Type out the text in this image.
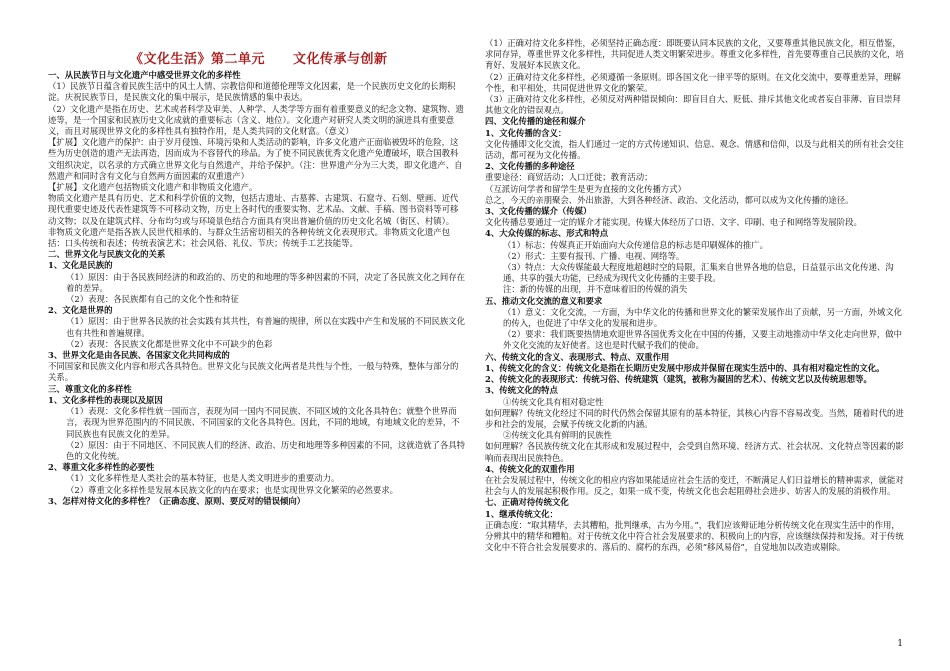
《文化生活》第二单元 文化传承与创新

一、从民族节日与文化遗产中感受世界文化的多样性

（1）民族节日蕴含着民族生活中的风土人情、宗教信仰和道德伦理等文化因素，是一个民族历史文化的长期积淀。庆祝民族节日，是民族文化的集中展示，是民族情感的集中表达。

（2）文化遗产是指在历史、艺术或者科学及审美、人种学、人类学等方面有着重要意义的纪念文物、建筑物、遗迹等，是一个国家和民族历史文化成就的重要标志（含义、地位）。文化遗产对研究人类文明的演进具有重要意义，而且对展现世界文化的多样性具有独特作用，是人类共同的文化财富。（意义）

【扩展】文化遗产的保护：由于岁月侵蚀、环境污染和人类活动的影响，许多文化遗产正面临被毁坏的危险，这些为历史创造的遗产无法再造，因而成为不容替代的珍品。为了使不同民族优秀文化遗产免遭破坏，联合国教科文组织决定，以名录的方式确立世界文化与自然遗产，并给予保护。（注：世界遗产分为三大类，即文化遗产、自然遗产和同时含有文化与自然两方面因素的双重遗产）

【扩展】文化遗产包括物质文化遗产和非物质文化遗产。

物质文化遗产是具有历史、艺术和科学价值的文物，包括古遗址、古墓葬、古建筑、石窟寺、石刻、壁画、近代现代重要史迹及代表性建筑等不可移动文物，历史上各时代的重要实物、艺术品、文献、手稿、图书资料等可移动文物；以及在建筑式样、分布均匀或与环境景色结合方面具有突出普遍价值的历史文化名城（街区、村镇）。

非物质文化遗产是指各族人民世代相承的、与群众生活密切相关的各种传统文化表现形式。非物质文化遗产包括：口头传统和表述；传统表演艺术；社会风俗、礼仪、节庆；传统手工艺技能等。

二、世界文化与民族文化的关系

1、文化是民族的

（1）原因：由于各民族间经济的和政治的、历史的和地理的等多种因素的不同，决定了各民族文化之间存在着的差异。

（2）表现：各民族都有自己的文化个性和特征

2、文化是世界的

（1）原因：由于世界各民族的社会实践有其共性，有普遍的规律，所以在实践中产生和发展的不同民族文化也有共性和普遍规律。

（2）表现：各民族文化都是世界文化中不可缺少的色彩

3、世界文化是由各民族、各国家文化共同构成的

不同国家和民族文化内容和形式各具特色。世界文化与民族文化两者是共性与个性，一般与特殊，整体与部分的关系。

三、尊重文化的多样性

1、文化多样性的表现以及原因

（1）表现：文化多样性就一国而言，表现为同一国内不同民族、不同区域的文化各具特色；就整个世界而言，表现为世界范围内的不同民族、不同国家的文化各具特色。因此，不同的地域，有地域文化的差异，不同民族也有民族文化的差异。

（2）原因：由于不同地区、不同民族人们的经济、政治、历史和地理等多种因素的不同，这就造就了各具特色的文化传统。

2、尊重文化多样性的必要性

（1）文化多样性是人类社会的基本特征，也是人类文明进步的重要动力。

（2）尊重文化多样性是发展本民族文化的内在要求；也是实现世界文化繁荣的必然要求。

3、怎样对待文化的多样性？（正确态度、原则、要反对的错误倾向）

（1）正确对待文化多样性，必须坚持正确态度：即既要认同本民族的文化，又要尊重其他民族文化，相互借鉴，求同存异，尊重世界文化多样性，共同促进人类文明繁荣进步。尊重文化多样性，首先要尊重自己民族的文化，培育好、发展好本民族文化。

（2）正确对待文化多样性，必须遵循一条原则。即各国文化一律平等的原则。在文化交流中，要尊重差异，理解个性，和平相处，共同促进世界文化的繁荣。

（3）正确对待文化多样性，必须反对两种错误倾向：即盲目自大、贬低、排斥其他文化或者妄自菲薄、盲目崇拜其他文化的错误观点。

四、文化传播的途径和媒介

1、文化传播的含义：

文化传播即文化交流，指人们通过一定的方式传递知识、信息、观念、情感和信仰，以及与此相关的所有社会交往活动，都可视为文化传播。

2、文化传播的多种途径

重要途径：商贸活动；人口迁徙；教育活动；

（互派访问学者和留学生是更为直接的文化传播方式）

总之，今天的亲朋聚会、外出旅游，大到各种经济、政治、文化活动，都可以成为文化传播的途径。

3、文化传播的媒介（传媒）

文化传播总要通过一定的媒介才能实现。传媒大体经历了口语、文字、印刷、电子和网络等发展阶段。

4、大众传媒的标志、形式和特点

（1）标志：传媒真正开始面向大众传递信息的标志是印刷媒体的推广。

（2）形式：主要有报刊、广播、电视、网络等。

（3）特点：大众传媒能最大程度地超越时空的局限，汇集来自世界各地的信息，日益显示出文化传递、沟通、共享的强大功能，已经成为现代文化传播的主要手段。

注：新的传媒的出现，并不意味着旧的传媒的消失

五、推动文化交流的意义和要求

（1）意义：文化交流，一方面，为中华文化的传播和世界文化的繁荣发展作出了贡献，另一方面，外域文化的传入，也促进了中华文化的发展和进步。

（2）要求：我们既要热情地欢迎世界各国优秀文化在中国的传播，又要主动地推动中华文化走向世界，做中外文化交流的友好使者。这也是时代赋予我们的使命。

六、传统文化的含义、表现形式、特点、双重作用

1、传统文化的含义：传统文化是指在长期历史发展中形成并保留在现实生活中的、具有相对稳定性的文化。

2、传统文化的表现形式：传统习俗、传统建筑（建筑，被称为凝固的艺术）、传统文艺以及传统思想等。

3、传统文化的特点

①传统文化具有相对稳定性

如何理解？传统文化经过不同的时代仍然会保留其原有的基本特征，其核心内容不容易改变。当然，随着时代的进步和社会的发展，会赋予传统文化新的内涵。

②传统文化具有鲜明的民族性

如何理解？各民族传统文化在其形成和发展过程中，会受到自然环境、经济方式、社会状况、文化特点等因素的影响而表现出民族特色。

4、传统文化的双重作用

在社会发展过程中，传统文化的相应内容如果能适应社会生活的变迁，不断满足人们日益增长的精神需求，就能对社会与人的发展起积极作用。反之，如果一成不变，传统文化也会起阻碍社会进步、妨害人的发展的消极作用。

七、正确对待传统文化

1、继承传统文化：

正确态度：“取其精华，去其糟粕，批判继承，古为今用。”，我们应该辩证地分析传统文化在现实生活中的作用，分辨其中的精华和糟粕。对于传统文化中符合社会发展要求的、积极向上的内容，应该继续保持和发扬。对于传统文化中不符合社会发展要求的、落后的、腐朽的东西，必须“移风易俗”，自觉地加以改造或剔除。

1
